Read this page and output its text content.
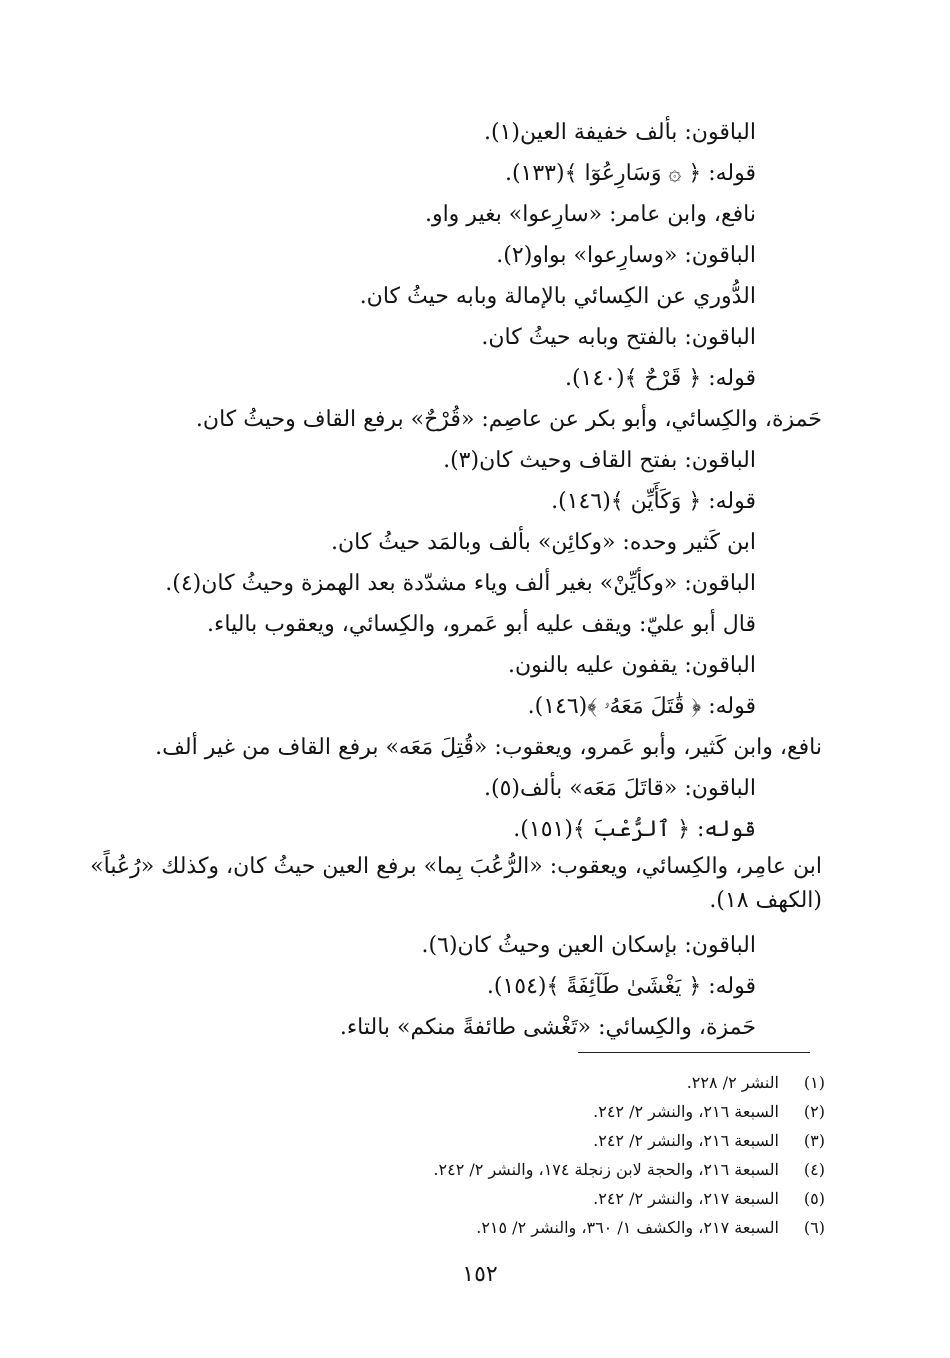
الباقون: بألف خفيفة العين(١).

قوله: ﴿ ۞ وَسَارِعُوٓا ﴾(١٣٣).

نافع، وابن عامر: «سارِعوا» بغير واو.

الباقون: «وسارِعوا» بواو(٢).

الدُّوري عن الكِسائي بالإمالة وبابه حيثُ كان.

الباقون: بالفتح وبابه حيثُ كان.

قوله: ﴿ قَرْحٌ ﴾(١٤٠).

حَمزة، والكِسائي، وأبو بكر عن عاصِم: «قُرْحٌ» برفع القاف وحيثُ كان.

الباقون: بفتح القاف وحيث كان(٣).

قوله: ﴿ وَكَأَيِّن ﴾(١٤٦).

ابن كَثير وحده: «وكائِن» بألف وبالمَد حيثُ كان.

الباقون: «وكأيِّنْ» بغير ألف وياء مشدّدة بعد الهمزة وحيثُ كان(٤).

قال أبو عليّ: ويقف عليه أبو عَمرو، والكِسائي، ويعقوب بالياء.

الباقون: يقفون عليه بالنون.

قوله: ﴿ قَٰتَلَ مَعَهُۥ ﴾(١٤٦).

نافع، وابن كَثير، وأبو عَمرو، ويعقوب: «قُتِلَ مَعَه» برفع القاف من غير ألف.

الباقون: «قاتَلَ مَعَه» بألف(٥).

قوله: ﴿ ٱلرُّعْبَ ﴾(١٥١).

ابن عامِر، والكِسائي، ويعقوب: «الرُّعُبَ بِما» برفع العين حيثُ كان، وكذلك «رُعُباً» (الكهف ١٨).

الباقون: بإسكان العين وحيثُ كان(٦).

قوله: ﴿ يَغْشَىٰ طَآئِفَةً ﴾(١٥٤).

حَمزة، والكِسائي: «تَغْشى طائفةً منكم» بالتاء.

(١)
النشر ٢/ ٢٢٨.
(٢)
السبعة ٢١٦، والنشر ٢/ ٢٤٢.
(٣)
السبعة ٢١٦، والنشر ٢/ ٢٤٢.
(٤)
السبعة ٢١٦، والحجة لابن زنجلة ١٧٤، والنشر ٢/ ٢٤٢.
(٥)
السبعة ٢١٧، والنشر ٢/ ٢٤٢.
(٦)
السبعة ٢١٧، والكشف ١/ ٣٦٠، والنشر ٢/ ٢١٥.
١٥٢
